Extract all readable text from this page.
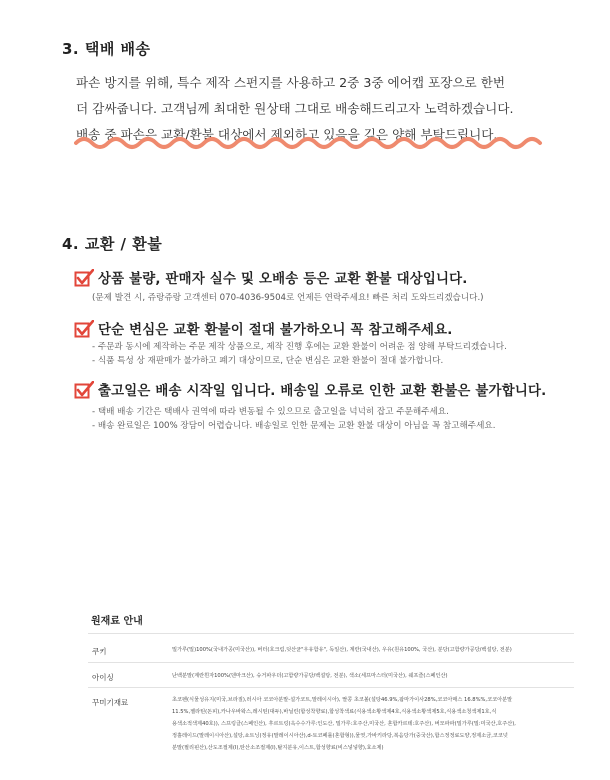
3. 택배 배송
파손 방지를 위해, 특수 제작 스펀지를 사용하고 2중 3중 에어캡 포장으로 한번
더 감싸줍니다. 고객님께 최대한 원상태 그대로 배송해드리고자 노력하겠습니다.
배송 중 파손은 교환/환불 대상에서 제외하고 있음을 깊은 양해 부탁드립니다.
4. 교환 / 환불
상품 불량, 판매자 실수 및 오배송 등은 교환 환불 대상입니다.
(문제 발견 시, 쥬랑쥬랑 고객센터 070-4036-9504로 언제든 연락주세요! 빠른 처리 도와드리겠습니다.)
단순 변심은 교환 환불이 절대 불가하오니 꼭 참고해주세요.
- 주문과 동시에 제작하는 주문 제작 상품으로, 제작 진행 후에는 교환 환불이 어려운 점 양해 부탁드리겠습니다.
- 식품 특성 상 재판매가 불가하고 폐기 대상이므로, 단순 변심은 교환 환불이 절대 불가합니다.
출고일은 배송 시작일 입니다. 배송일 오류로 인한 교환 환불은 불가합니다.
- 택배 배송 기간은 택배사 권역에 따라 변동될 수 있으므로 출고일을 넉넉히 잡고 주문해주세요.
- 배송 완료일은 100% 장담이 어렵습니다. 배송일로 인한 문제는 교환 환불 대상이 아님을 꼭 참고해주세요.
원재료 안내
쿠키	밀가루(밀)100%(국내가공(미국산)), 버터(호크림,덧산균"우유함유", 독일산), 계란(국내산), 우유(원유100%, 국산), 분당(고함량가공당/백설탕, 전분)
아이싱	난백분말(계란흰자100%(덴마크산), 슈거파우더(고함량가공당/백설탕, 전분), 색소(세프마스터(미국산), 쉐프즐(스페인산)
꾸미기재료	초코펜(식물성유지(미국,브라질),러시아 코코아분말-설가코트,말레이시아), 딸콩 초코볼(설탕46.9%,팜마가이사28%,코코아매스 16.8%%,코코아분말
11.5%,젤라틴(돈피),카나우바왁스,레시틴(대두),바닐린(합성착향료),합성착색료(식용색소황색제4호,식용색소황색제5호,식용색소청색제1호,식
용색소적색제40호)), 스프링클(스페인산), 후르트링(옥수수가루:인도산, 밀가루:호주산,미국산, 혼합카르테:호주산), 버모파파(밀가루(밀:미국산,호주산),
정흘레이드(말레이시아산),설탕,쇼트닝(정유(말레이시아산),d-토코페롤(혼합형)),물엿,가바키라당,복음당가(중국산),합스정정료도양,정제소금,코코넛
분말(필리핀산),산도조절제(I),탄산소조절제(I),탈지분유,이스트,합성향료(비스넣넣향),효소제)
